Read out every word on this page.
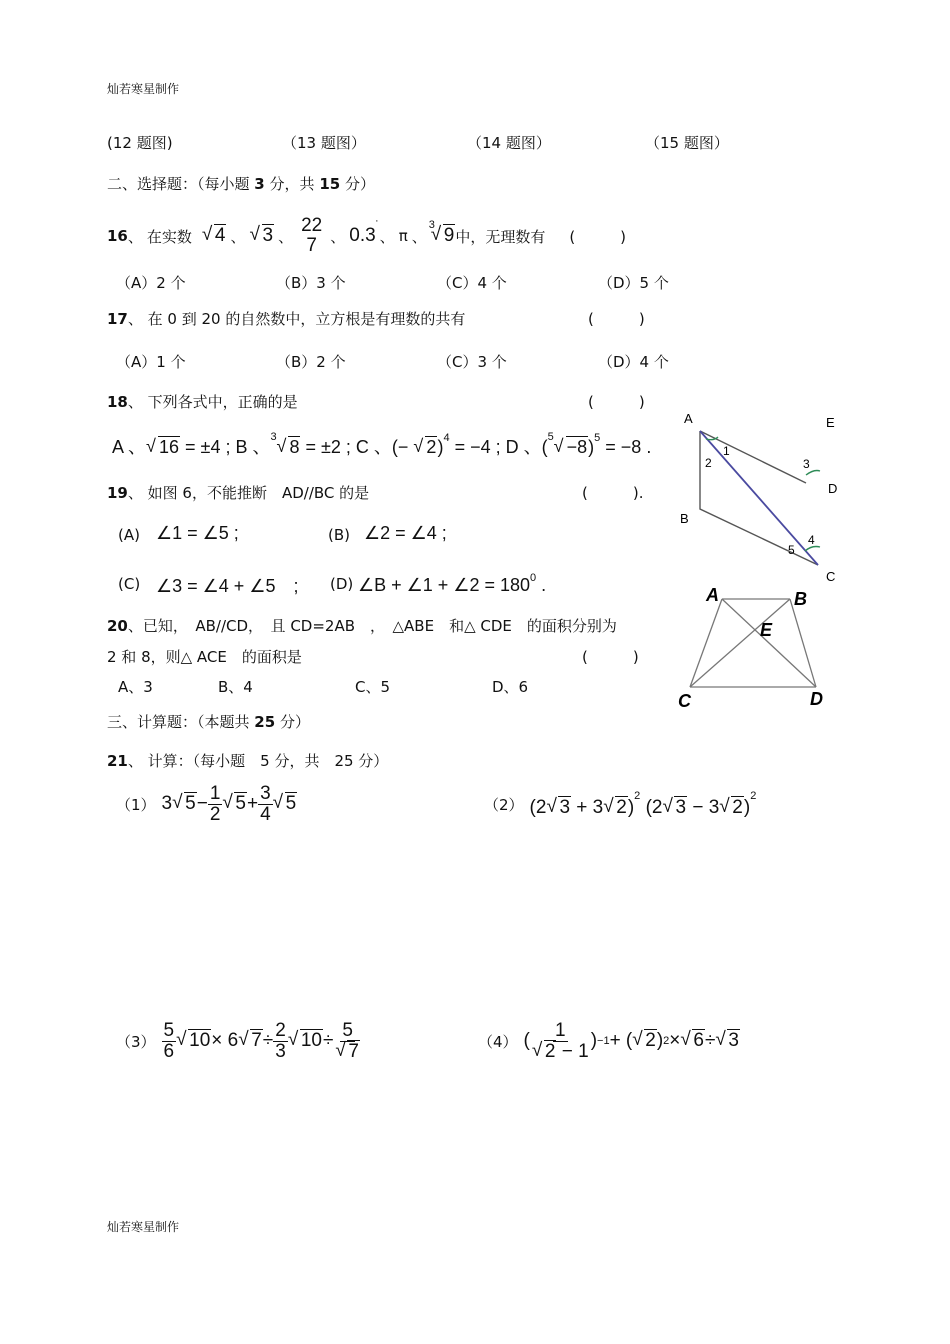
灿若寒星制作
(12 题图)	（13 题图）	（14 题图）	（15 题图）
二、选择题：（每小题 3 分，共 15 分）
16 、 在实数	√ 4 、 √ 3 、
22
7 、 0.3
·
、 π 、
3 √ 9 中，无理数有 (　　　)
（A）2 个	（B）3 个	（C）4 个	（D）5 个
17、 在 0 到 20 的自然数中，立方根是有理数的共有	(　　　)
（A）1 个	（B）2 个	（C）3 个	（D）4 个
18、 下列各式中，正确的是	(　　　)
A 、 √ 16 = ±4 ; B 、 3 √ 8 = ±2 ; C 、(− √ 2)$^4$ = −4 ; D 、( 5 √ −8)$^5$ = −8 .
19、 如图 6，不能推断　AD//BC 的是	(　　　).
(A) ∠1 = ∠5 ;	(B) ∠2 = ∠4 ;
(C) ∠3 = ∠4 + ∠5　; (D) ∠B + ∠1 + ∠2 = $180^0$ .
20、已知，　AB//CD，　且 CD=2AB　，　△ABE　和△ CDE　的面积分别为
2 和 8，则△ ACE　的面积是	(　　　)
A、3	B、4	C、5	D、6
三、计算题：（本题共 25 分）
21、 计算：（每小题　5 分，共　25 分）
（1） 3 √ $5 - \frac{1}{2}$ √ $5 + \frac{3}{4}$ √ 5	（2） (2 √ 3 + 3 √ 2)$^2$ (2 √ 3 − 3 √ 2)$^2$
（3）
5
6 √ 10 × 6 √ $7 \div \frac{2}{3}$ √ 10 ÷ 5
√ 7	（4） ( 1
√ 2 − 1 ) −1 + ( √ 2 ) 2 × √ 6 ÷ √ 3
A	E
D
B
C
1
2	3
4
5
A	B
E
C	D
灿若寒星制作
